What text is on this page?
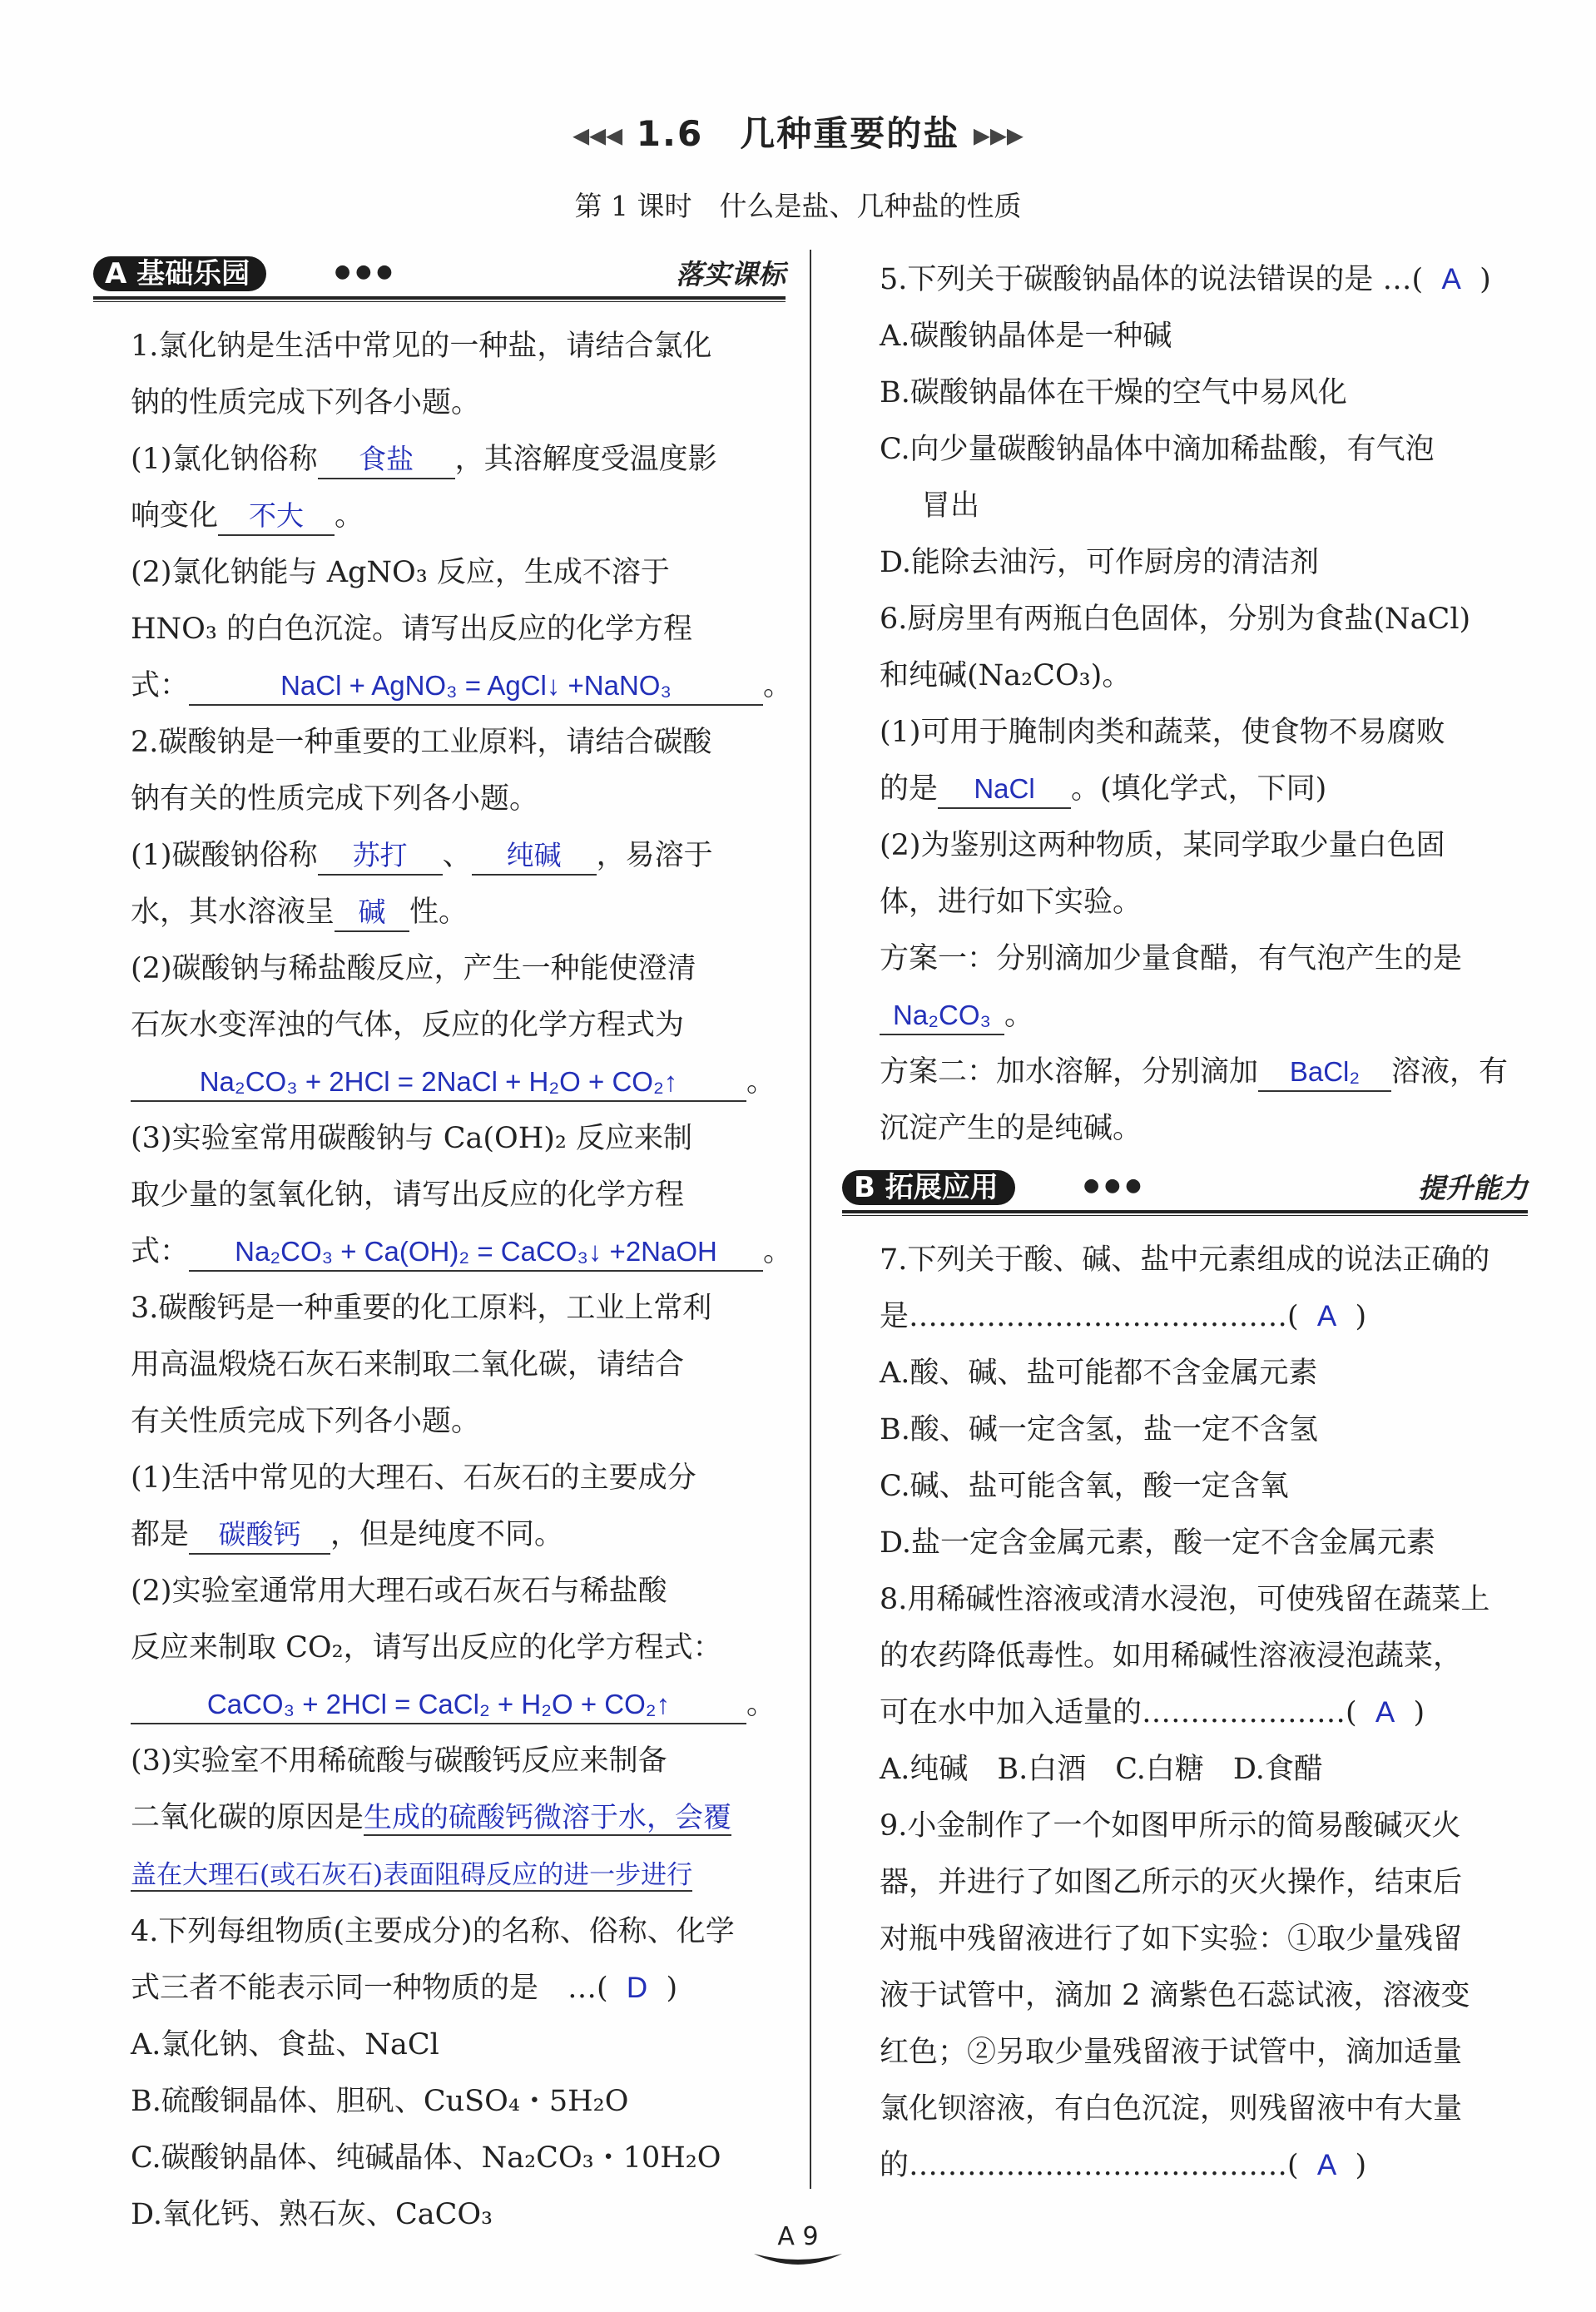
◀◀◀ 1.6　几种重要的盐 ▶▶▶
第 1 课时　什么是盐、几种盐的性质
A 基础乐园	●●●	落实课标
1.氯化钠是生活中常见的一种盐，请结合氯化
钠的性质完成下列各小题。
(1)氯化钠俗称 食盐 ，其溶解度受温度影
响变化 不大 。
(2)氯化钠能与 AgNO₃ 反应，生成不溶于
HNO₃ 的白色沉淀。请写出反应的化学方程
式：	NaCl + AgNO₃ = AgCl↓ +NaNO₃	。
2.碳酸钠是一种重要的工业原料，请结合碳酸
钠有关的性质完成下列各小题。
(1)碳酸钠俗称 苏打 、 纯碱 ，易溶于
水，其水溶液呈 碱 性。
(2)碳酸钠与稀盐酸反应，产生一种能使澄清
石灰水变浑浊的气体，反应的化学方程式为
Na₂CO₃ + 2HCl = 2NaCl + H₂O + CO₂↑ 。
(3)实验室常用碳酸钠与 Ca(OH)₂ 反应来制
取少量的氢氧化钠，请写出反应的化学方程
式： Na₂CO₃ + Ca(OH)₂ = CaCO₃↓ +2NaOH 。
3.碳酸钙是一种重要的化工原料，工业上常利
用高温煅烧石灰石来制取二氧化碳，请结合
有关性质完成下列各小题。
(1)生活中常见的大理石、石灰石的主要成分
都是 碳酸钙 ，但是纯度不同。
(2)实验室通常用大理石或石灰石与稀盐酸
反应来制取 CO₂，请写出反应的化学方程式：
CaCO₃ + 2HCl = CaCl₂ + H₂O + CO₂↑	。
(3)实验室不用稀硫酸与碳酸钙反应来制备
二氧化碳的原因是生成的硫酸钙微溶于水，会覆
盖在大理石(或石灰石)表面阻碍反应的进一步进行
4.下列每组物质(主要成分)的名称、俗称、化学
式三者不能表示同一种物质的是　…( D )
A.氯化钠、食盐、NaCl
B.硫酸铜晶体、胆矾、CuSO₄・5H₂O
C.碳酸钠晶体、纯碱晶体、Na₂CO₃・10H₂O
D.氧化钙、熟石灰、CaCO₃
5.下列关于碳酸钠晶体的说法错误的是 …( A )
A.碳酸钠晶体是一种碱
B.碳酸钠晶体在干燥的空气中易风化
C.向少量碳酸钠晶体中滴加稀盐酸，有气泡
冒出
D.能除去油污，可作厨房的清洁剂
6.厨房里有两瓶白色固体，分别为食盐(NaCl)
和纯碱(Na₂CO₃)。
(1)可用于腌制肉类和蔬菜，使食物不易腐败
的是 NaCl 。(填化学式，下同)
(2)为鉴别这两种物质，某同学取少量白色固
体，进行如下实验。
方案一：分别滴加少量食醋，有气泡产生的是
Na₂CO₃ 。
方案二：加水溶解，分别滴加 BaCl₂ 溶液，有
沉淀产生的是纯碱。
B 拓展应用	●●●	提升能力
7.下列关于酸、碱、盐中元素组成的说法正确的
是…………………………………( A )
A.酸、碱、盐可能都不含金属元素
B.酸、碱一定含氢，盐一定不含氢
C.碱、盐可能含氧，酸一定含氧
D.盐一定含金属元素，酸一定不含金属元素
8.用稀碱性溶液或清水浸泡，可使残留在蔬菜上
的农药降低毒性。如用稀碱性溶液浸泡蔬菜，
可在水中加入适量的…………………( A )
A.纯碱　B.白酒　C.白糖　D.食醋
9.小金制作了一个如图甲所示的简易酸碱灭火
器，并进行了如图乙所示的灭火操作，结束后
对瓶中残留液进行了如下实验：①取少量残留
液于试管中，滴加 2 滴紫色石蕊试液，溶液变
红色；②另取少量残留液于试管中，滴加适量
氯化钡溶液，有白色沉淀，则残留液中有大量
的…………………………………( A )
A 9
